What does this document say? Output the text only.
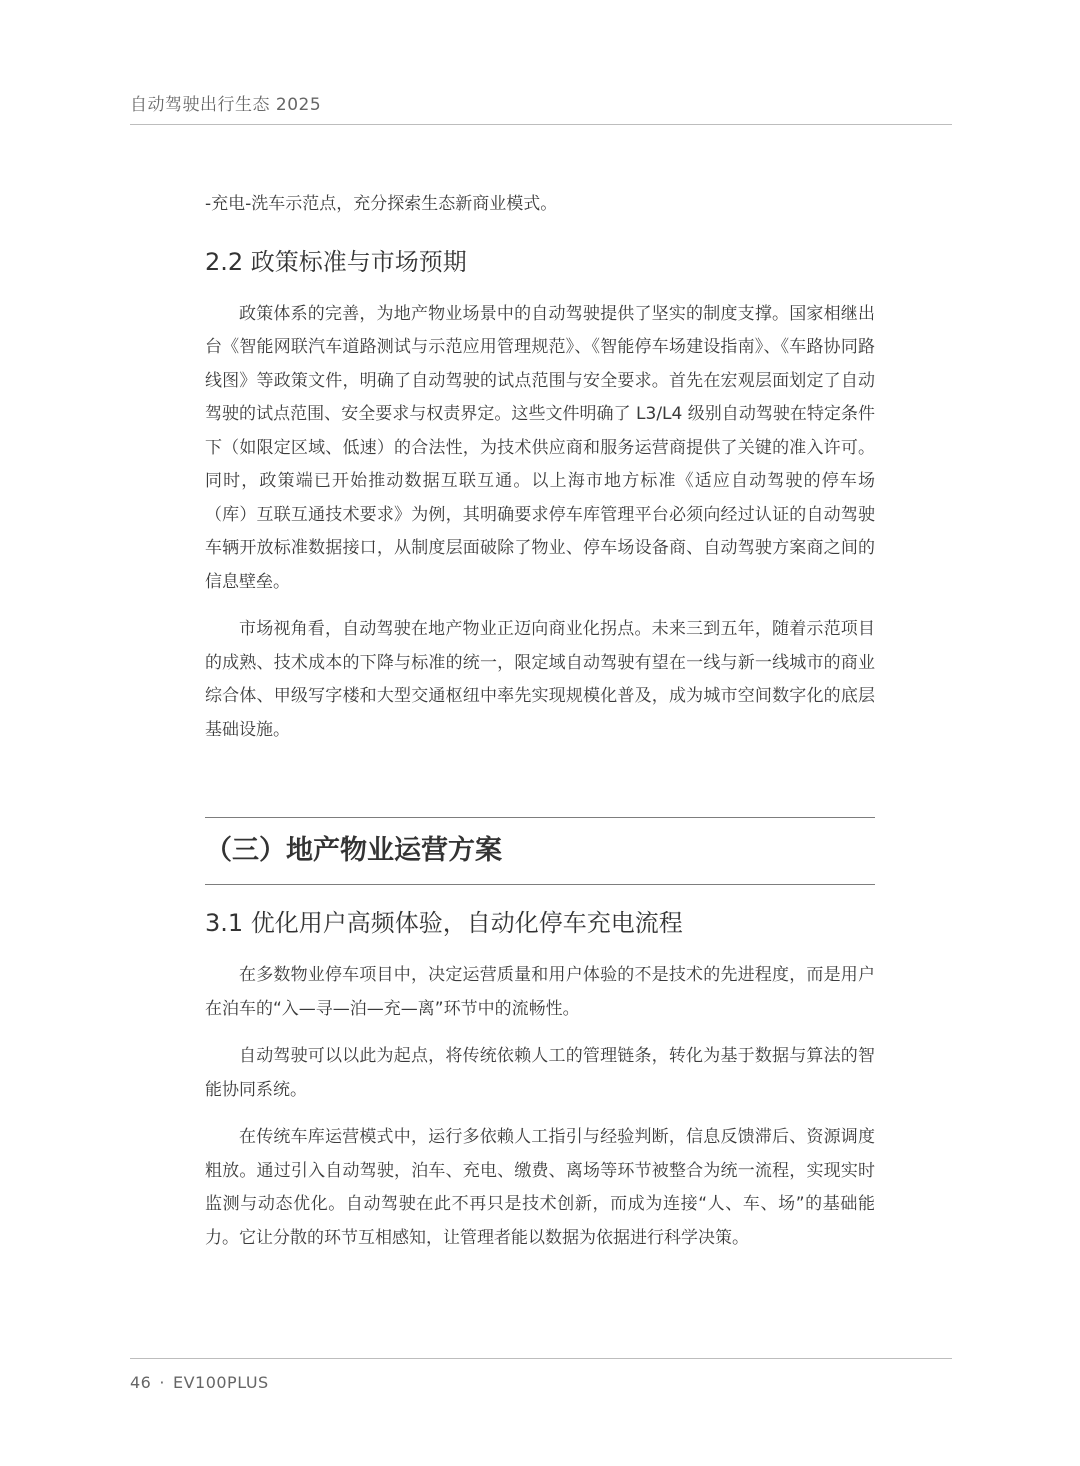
自动驾驶出行生态 2025

-充电-洗车示范点，充分探索生态新商业模式。

2.2 政策标准与市场预期

政策体系的完善，为地产物业场景中的自动驾驶提供了坚实的制度支撑。国家相继出台《智能网联汽车道路测试与示范应用管理规范》、《智能停车场建设指南》、《车路协同路线图》等政策文件，明确了自动驾驶的试点范围与安全要求。首先在宏观层面划定了自动驾驶的试点范围、安全要求与权责界定。这些文件明确了 L3/L4 级别自动驾驶在特定条件下（如限定区域、低速）的合法性，为技术供应商和服务运营商提供了关键的准入许可。同时，政策端已开始推动数据互联互通。以上海市地方标准《适应自动驾驶的停车场（库）互联互通技术要求》为例，其明确要求停车库管理平台必须向经过认证的自动驾驶车辆开放标准数据接口，从制度层面破除了物业、停车场设备商、自动驾驶方案商之间的信息壁垒。

市场视角看，自动驾驶在地产物业正迈向商业化拐点。未来三到五年，随着示范项目的成熟、技术成本的下降与标准的统一，限定域自动驾驶有望在一线与新一线城市的商业综合体、甲级写字楼和大型交通枢纽中率先实现规模化普及，成为城市空间数字化的底层基础设施。

（三）地产物业运营方案
3.1 优化用户高频体验，自动化停车充电流程

在多数物业停车项目中，决定运营质量和用户体验的不是技术的先进程度，而是用户在泊车的“入—寻—泊—充—离”环节中的流畅性。

自动驾驶可以以此为起点，将传统依赖人工的管理链条，转化为基于数据与算法的智能协同系统。

在传统车库运营模式中，运行多依赖人工指引与经验判断，信息反馈滞后、资源调度粗放。通过引入自动驾驶，泊车、充电、缴费、离场等环节被整合为统一流程，实现实时监测与动态优化。自动驾驶在此不再只是技术创新，而成为连接“人、车、场”的基础能力。它让分散的环节互相感知，让管理者能以数据为依据进行科学决策。

46 · EV100PLUS
